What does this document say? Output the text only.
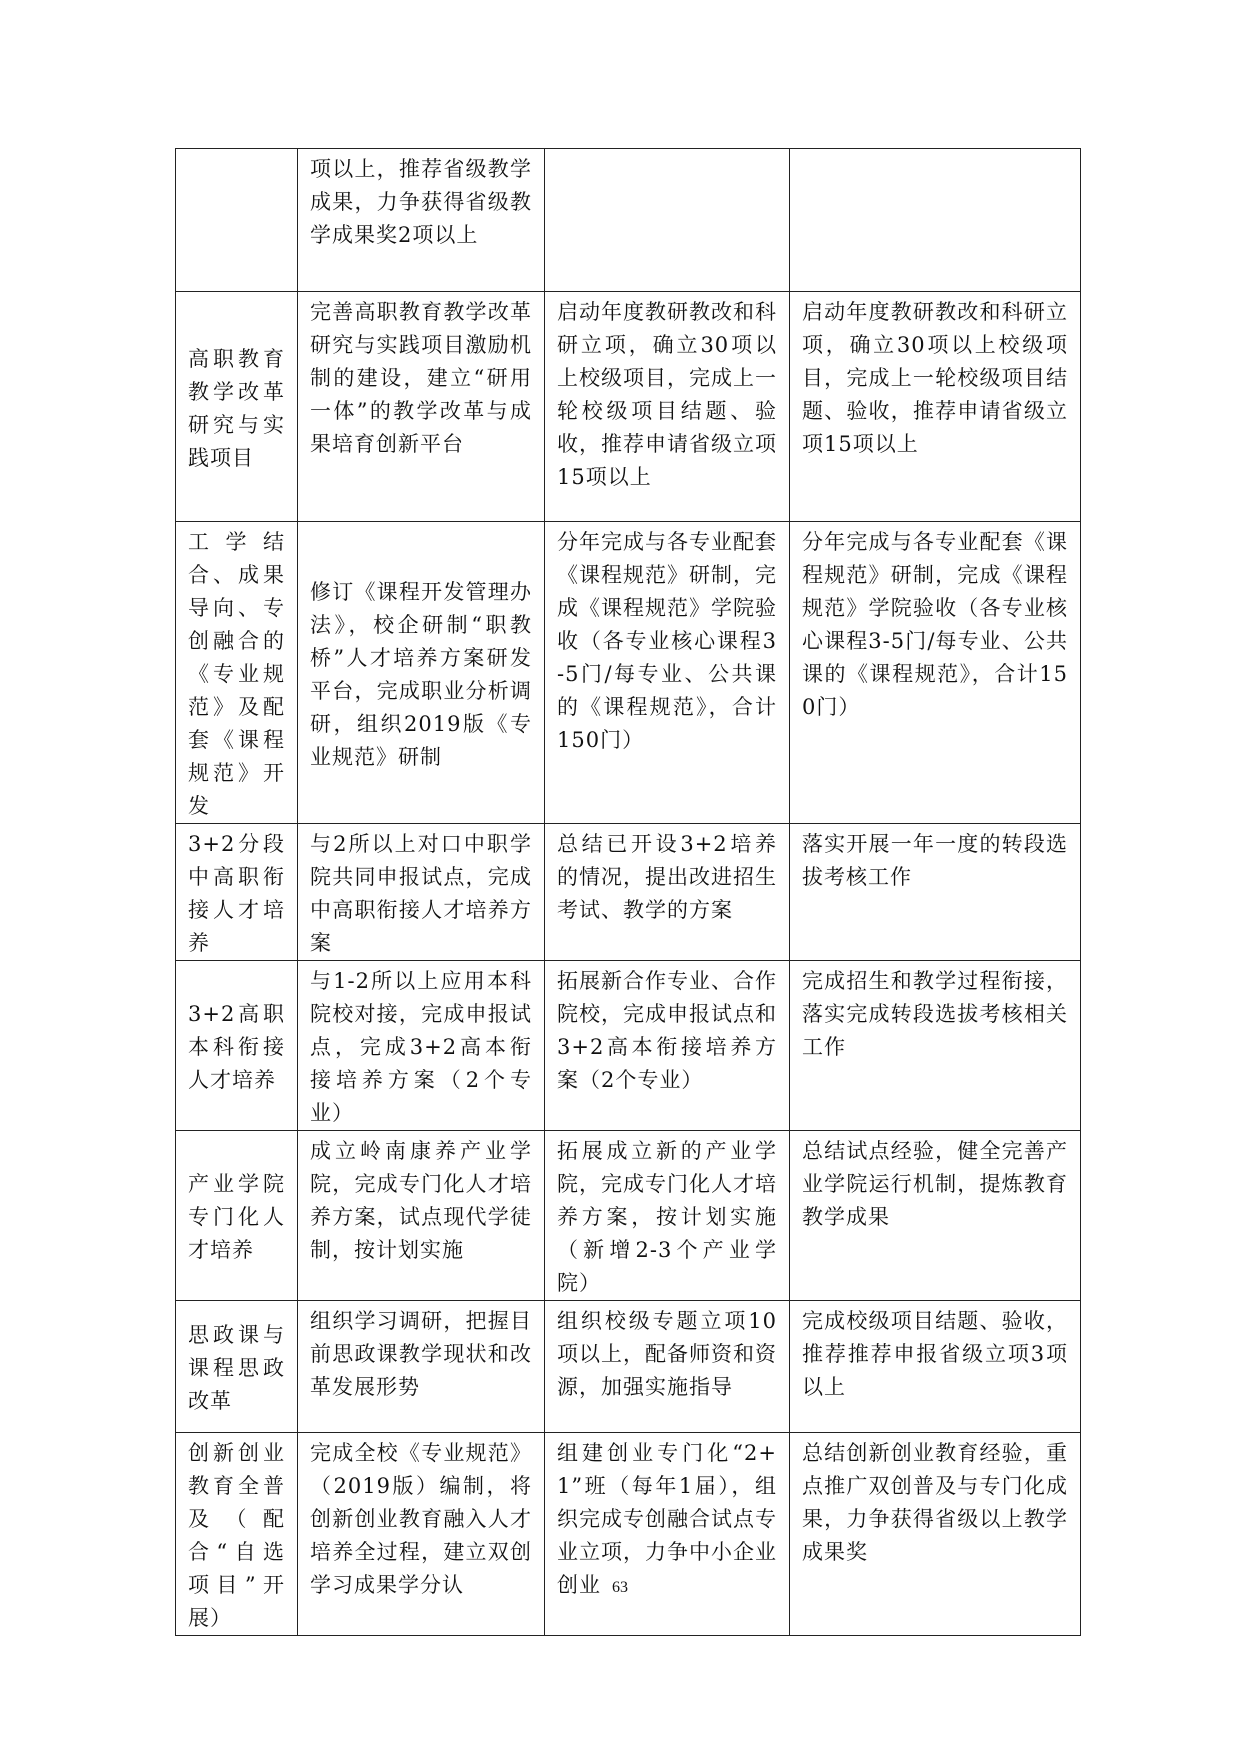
	项以上，推荐省级教学成果，力争获得省级教学成果奖2项以上		
高职教育教学改革研究与实践项目	完善高职教育教学改革研究与实践项目激励机制的建设，建立“研用一体”的教学改革与成果培育创新平台	启动年度教研教改和科研立项，确立30项以上校级项目，完成上一轮校级项目结题、验收，推荐申请省级立项15项以上	启动年度教研教改和科研立项，确立30项以上校级项目，完成上一轮校级项目结题、验收，推荐申请省级立项15项以上
工学结合、成果导向、专创融合的《专业规范》及配套《课程规范》开发	修订《课程开发管理办法》，校企研制“职教桥”人才培养方案研发平台，完成职业分析调研，组织2019版《专业规范》研制	分年完成与各专业配套《课程规范》研制，完成《课程规范》学院验收（各专业核心课程3-5门/每专业、公共课的《课程规范》，合计150门）	分年完成与各专业配套《课程规范》研制，完成《课程规范》学院验收（各专业核心课程3-5门/每专业、公共课的《课程规范》，合计150门）
3+2分段中高职衔接人才培养	与2所以上对口中职学院共同申报试点，完成中高职衔接人才培养方案	总结已开设3+2培养的情况，提出改进招生考试、教学的方案	落实开展一年一度的转段选拔考核工作
3+2高职本科衔接人才培养	与1-2所以上应用本科院校对接，完成申报试点，完成3+2高本衔接培养方案（2个专业）	拓展新合作专业、合作院校，完成申报试点和3+2高本衔接培养方案（2个专业）	完成招生和教学过程衔接，落实完成转段选拔考核相关工作
产业学院专门化人才培养	成立岭南康养产业学院，完成专门化人才培养方案，试点现代学徒制，按计划实施	拓展成立新的产业学院，完成专门化人才培养方案，按计划实施（新增2-3个产业学院）	总结试点经验，健全完善产业学院运行机制，提炼教育教学成果
思政课与课程思政改革	组织学习调研，把握目前思政课教学现状和改革发展形势	组织校级专题立项10项以上，配备师资和资源，加强实施指导	完成校级项目结题、验收，推荐推荐申报省级立项3项以上
创新创业教育全普及（配合“自选项目”开展）	完成全校《专业规范》（2019版）编制，将创新创业教育融入人才培养全过程，建立双创学习成果学分认	组建创业专门化“2+1”班（每年1届），组织完成专创融合试点专业立项，力争中小企业创业	总结创新创业教育经验，重点推广双创普及与专门化成果，力争获得省级以上教学成果奖
63
